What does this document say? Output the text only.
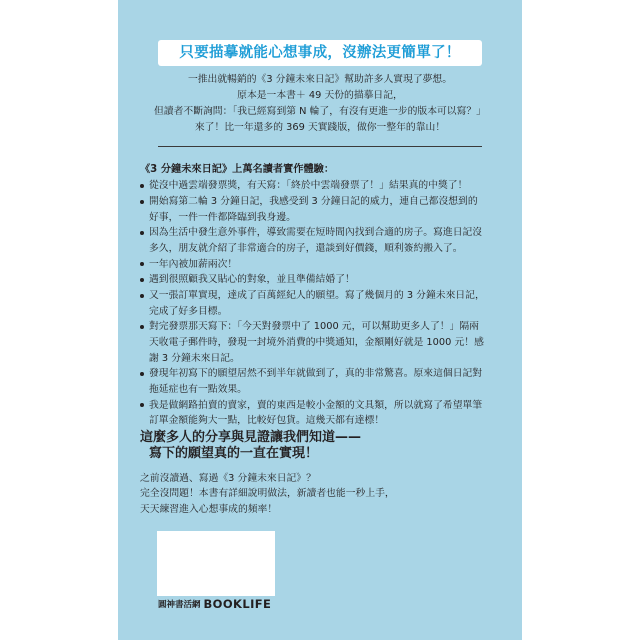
只要描摹就能心想事成，沒辦法更簡單了！
一推出就暢銷的《3 分鐘未來日記》幫助許多人實現了夢想。
原本是一本書＋ 49 天份的描摹日記，
但讀者不斷詢問：「我已經寫到第 N 輪了，有沒有更進一步的版本可以寫？」
來了！比一年還多的 369 天實踐版，做你一整年的靠山！
《3 分鐘未來日記》上萬名讀者實作體驗：
從沒中過雲端發票獎，有天寫：「終於中雲端發票了！」結果真的中獎了！
開始寫第二輪 3 分鐘日記，我感受到 3 分鐘日記的威力，連自己都沒想到的
好事，一件一件都降臨到我身邊。
因為生活中發生意外事件，導致需要在短時間內找到合適的房子。寫進日記沒
多久，朋友就介紹了非常適合的房子，還談到好價錢，順利簽約搬入了。
一年內被加薪兩次！
遇到很照顧我又貼心的對象，並且準備結婚了！
又一張訂單實現，達成了百萬經紀人的願望。寫了幾個月的 3 分鐘未來日記，
完成了好多目標。
對完發票那天寫下：「今天對發票中了 1000 元，可以幫助更多人了！」隔兩
天收電子郵件時，發現一封境外消費的中獎通知，金額剛好就是 1000 元！感
謝 3 分鐘未來日記。
發現年初寫下的願望居然不到半年就做到了，真的非常驚喜。原來這個日記對
拖延症也有一點效果。
我是做網路拍賣的賣家，賣的東西是較小金額的文具類，所以就寫了希望單筆
訂單金額能夠大一點，比較好包貨。這幾天都有達標！
這麼多人的分享與見證讓我們知道——
寫下的願望真的一直在實現！
之前沒讀過、寫過《3 分鐘未來日記》？
完全沒問題！本書有詳細說明做法，新讀者也能一秒上手，
天天練習進入心想事成的頻率！
圓神書活網 BOOKLIFE
